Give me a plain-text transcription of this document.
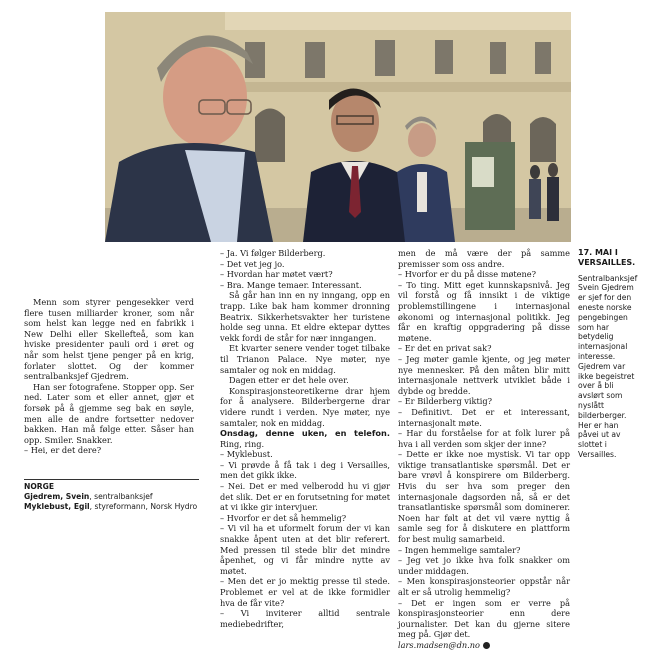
Menn som styrer pengesekker verd flere tusen milliarder kroner, som når som helst kan legge ned en fabrikk i New Delhi eller Skellefteå, som kan hviske presidenter pauli ord i øret og når som helst tjene penger på en krig, forlater slottet. Og der kommer sentralbanksjef Gjedrem.

Han ser fotografene. Stopper opp. Ser ned. Later som et eller annet, gjør et forsøk på å gjemme seg bak en søyle, men alle de andre fortsetter nedover bakken. Han må følge etter. Såser han opp. Smiler. Snakker.

– Hei, er det dere?

NORGE
Gjedrem, Svein, sentralbanksjef
Myklebust, Egil, styreformann, Norsk Hydro

– Ja. Vi følger Bilderberg.

– Det vet jeg jo.

– Hvordan har møtet vært?

– Bra. Mange temaer. Interessant.

Så går han inn en ny inngang, opp en trapp. Like bak ham kommer dronning Beatrix. Sikkerhetsvakter her turistene holde seg unna. Et eldre ektepar dyttes vekk fordi de står for nær inngangen.

Et kvarter senere vender toget tilbake til Trianon Palace. Nye møter, nye samtaler og nok en middag.

Dagen etter er det hele over.

Konspirasjonsteoretikerne drar hjem for å analysere. Bilderbergerne drar videre rundt i verden. Nye møter, nye samtaler, nok en middag.

Onsdag, denne uken, en telefon. Ring, ring.

– Myklebust.

– Vi prøvde å få tak i deg i Versailles, men det gikk ikke.

– Nei. Det er med velberodd hu vi gjør det slik. Det er en forutsetning for møtet at vi ikke gir intervjuer.

– Hvorfor er det så hemmelig?

– Vi vil ha et uformelt forum der vi kan snakke åpent uten at det blir referert. Med pressen til stede blir det mindre åpenhet, og vi får mindre nytte av møtet.

– Men det er jo mektig presse til stede. Problemet er vel at de ikke formidler hva de får vite?

– Vi inviterer alltid sentrale mediebedrifter,

men de må være der på samme premisser som oss andre.

– Hvorfor er du på disse møtene?

– To ting. Mitt eget kunnskapsnivå. Jeg vil forstå og få innsikt i de viktige problemstillingene i internasjonal økonomi og internasjonal politikk. Jeg får en kraftig oppgradering på disse møtene.

– Er det en privat sak?

– Jeg møter gamle kjente, og jeg møter nye mennesker. På den måten blir mitt internasjonale nettverk utviklet både i dybde og bredde.

– Er Bilderberg viktig?

– Definitivt. Det er et interessant, internasjonalt møte.

– Har du forståelse for at folk lurer på hva i all verden som skjer der inne?

– Dette er ikke noe mystisk. Vi tar opp viktige transatlantiske spørsmål. Det er bare vrøvl å konspirere om Bilderberg. Hvis du ser hva som preger den internasjonale dagsorden nå, så er det transatlantiske spørsmål som dominerer. Noen har følt at det vil være nyttig å samle seg for å diskutere en plattform for best mulig samarbeid.

– Ingen hemmelige samtaler?

– Jeg vet jo ikke hva folk snakker om under middagen.

– Men konspirasjonsteorier oppstår når alt er så utrolig hemmelig?

– Det er ingen som er verre på konspirasjonsteorier enn dere journalister. Det kan du gjerne sitere meg på. Gjør det.

lars.madsen@dn.no

17. MAI I
VERSAILLES.
Sentralbanksjef Svein Gjedrem er sjef for den eneste norske pengebingen som har betydelig internasjonal interesse. Gjedrem var ikke begeistret over å bli avslørt som nyslått bilderberger. Her er han påvei ut av slottet i Versailles.
